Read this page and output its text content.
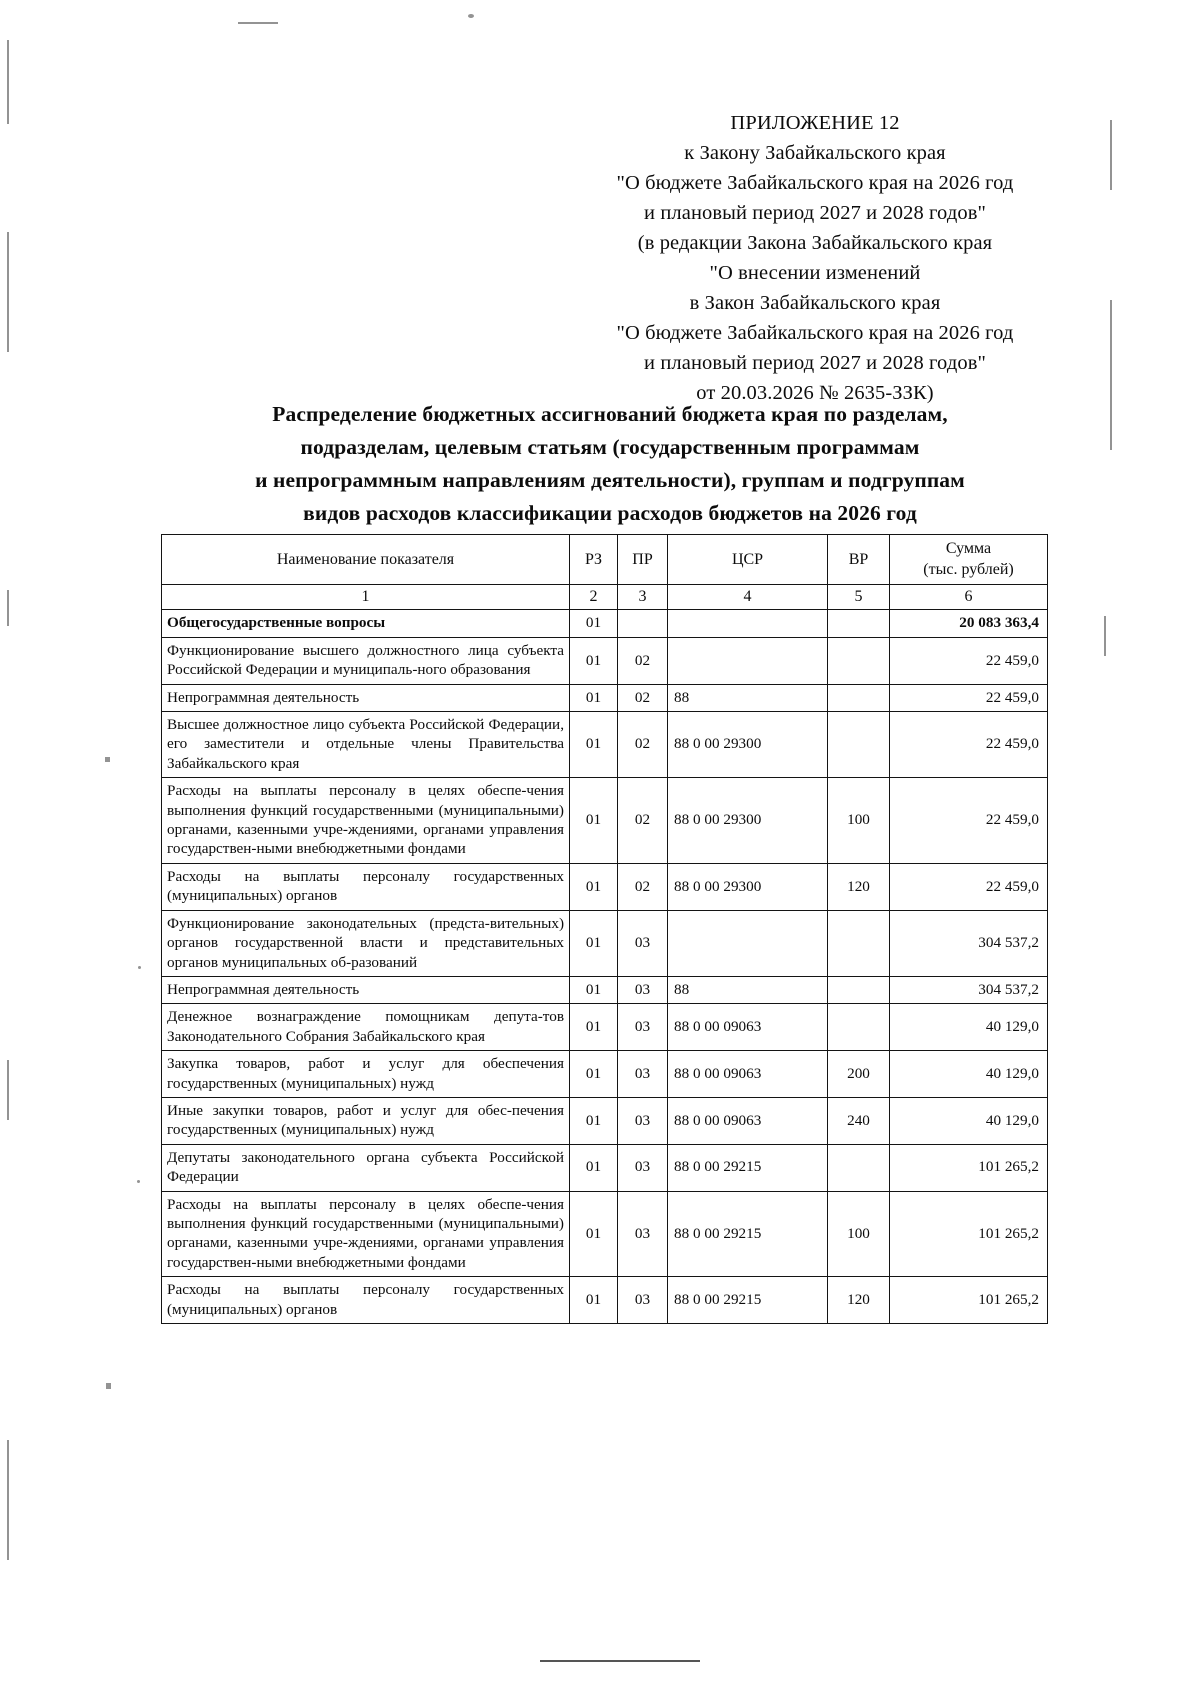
ПРИЛОЖЕНИЕ 12
к Закону Забайкальского края
"О бюджете Забайкальского края на 2026 год
и плановый период 2027 и 2028 годов"
(в редакции Закона Забайкальского края
"О внесении изменений
в Закон Забайкальского края
"О бюджете Забайкальского края на 2026 год
и плановый период 2027 и 2028 годов"
от 20.03.2026 № 2635-ЗЗК)
Распределение бюджетных ассигнований бюджета края по разделам,
подразделам, целевым статьям (государственным программам
и непрограммным направлениям деятельности), группам и подгруппам
видов расходов классификации расходов бюджетов на 2026 год
Наименование показателя	РЗ	ПР	ЦСР	ВР	Сумма
(тыс. рублей)

1	2	3	4	5	6
Общегосударственные вопросы	01				20 083 363,4
Функционирование высшего должностного лица субъекта Российской Федерации и муниципаль-ного образования	01	02			22 459,0
Непрограммная деятельность	01	02	88		22 459,0
Высшее должностное лицо субъекта Российской Федерации, его заместители и отдельные члены Правительства Забайкальского края	01	02	88 0 00 29300		22 459,0
Расходы на выплаты персоналу в целях обеспе-чения выполнения функций государственными (муниципальными) органами, казенными учре-ждениями, органами управления государствен-ными внебюджетными фондами	01	02	88 0 00 29300	100	22 459,0
Расходы на выплаты персоналу государственных (муниципальных) органов	01	02	88 0 00 29300	120	22 459,0
Функционирование законодательных (предста-вительных) органов государственной власти и представительных органов муниципальных об-разований	01	03			304 537,2
Непрограммная деятельность	01	03	88		304 537,2
Денежное вознаграждение помощникам депута-тов Законодательного Собрания Забайкальского края	01	03	88 0 00 09063		40 129,0
Закупка товаров, работ и услуг для обеспечения государственных (муниципальных) нужд	01	03	88 0 00 09063	200	40 129,0
Иные закупки товаров, работ и услуг для обес-печения государственных (муниципальных) нужд	01	03	88 0 00 09063	240	40 129,0
Депутаты законодательного органа субъекта Российской Федерации	01	03	88 0 00 29215		101 265,2
Расходы на выплаты персоналу в целях обеспе-чения выполнения функций государственными (муниципальными) органами, казенными учре-ждениями, органами управления государствен-ными внебюджетными фондами	01	03	88 0 00 29215	100	101 265,2
Расходы на выплаты персоналу государственных (муниципальных) органов	01	03	88 0 00 29215	120	101 265,2
